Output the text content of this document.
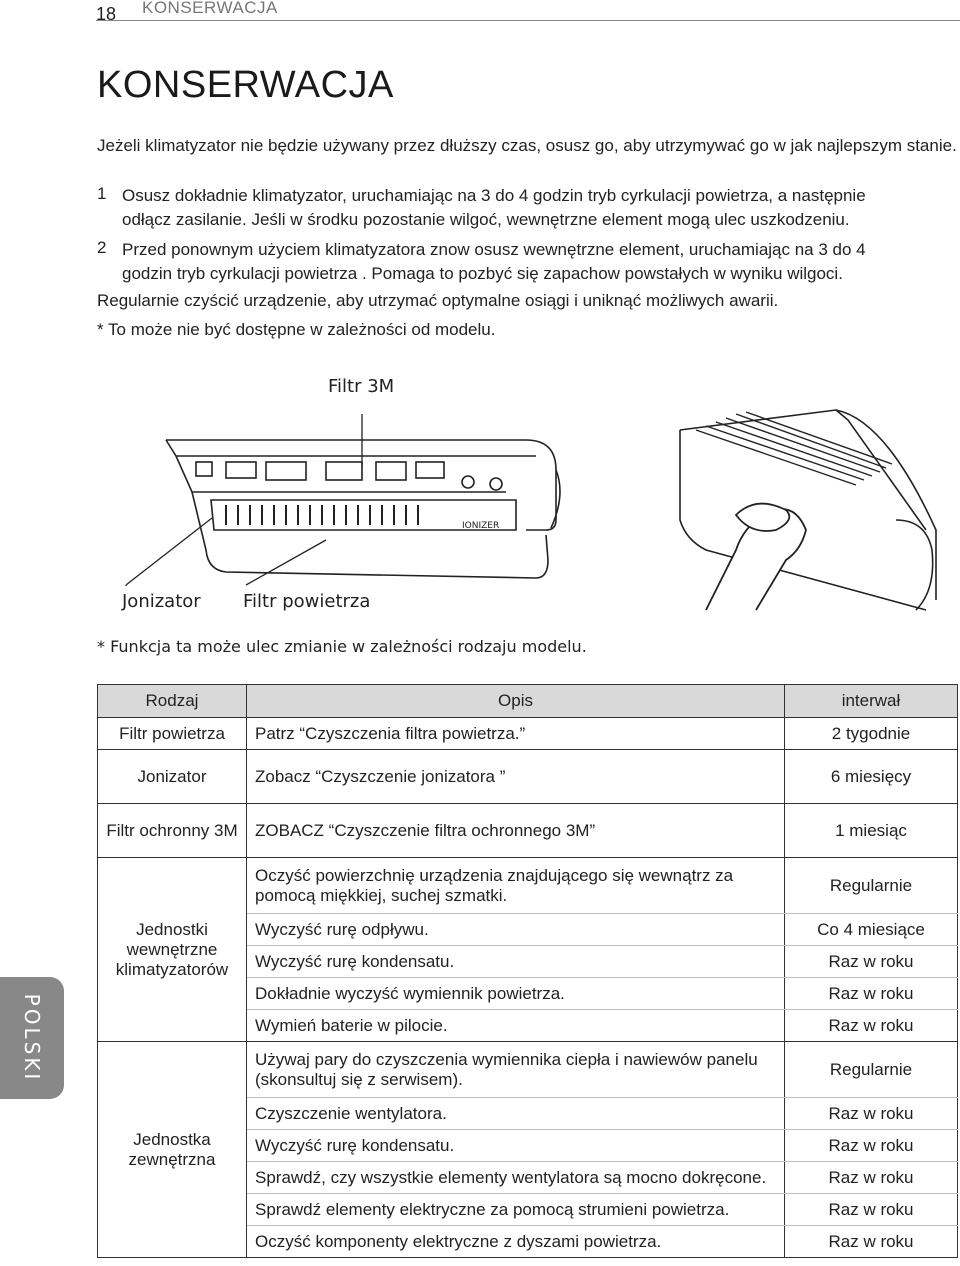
18	KONSERWACJA
KONSERWACJA

Jeżeli klimatyzator nie będzie używany przez dłuższy czas, osusz go, aby utrzymywać go w jak najlepszym stanie.

1 Osusz dokładnie klimatyzator, uruchamiając na 3 do 4 godzin tryb cyrkulacji powietrza, a następnie

odłącz zasilanie. Jeśli w środku pozostanie wilgoć, wewnętrzne element mogą ulec uszkodzeniu.

2 Przed ponownym użyciem klimatyzatora znow osusz wewnętrzne element, uruchamiając na 3 do 4

godzin tryb cyrkulacji powietrza . Pomaga to pozbyć się zapachow powstałych w wyniku wilgoci.

Regularnie czyścić urządzenie, aby utrzymać optymalne osiągi i uniknąć możliwych awarii.

* To może nie być dostępne w zależności od modelu.

Filtr 3M
Jonizator Filtr powietrza
IONIZER
* Funkcja ta może ulec zmianie w zależności rodzaju modelu.
Rodzaj	Opis	interwał
Filtr powietrza	Patrz “Czyszczenia filtra powietrza.”	2 tygodnie
Jonizator	Zobacz “Czyszczenie jonizatora ”	6 miesięcy
Filtr ochronny 3M	ZOBACZ “Czyszczenie filtra ochronnego 3M”	1 miesiąc
Jednostki wewnętrzne klimatyzatorów	Oczyść powierzchnię urządzenia znajdującego się wewnątrz za pomocą miękkiej, suchej szmatki.	Regularnie
	Wyczyść rurę odpływu.	Co 4 miesiące
	Wyczyść rurę kondensatu.	Raz w roku
	Dokładnie wyczyść wymiennik powietrza.	Raz w roku
	Wymień baterie w pilocie.	Raz w roku
Jednostka zewnętrzna	Używaj pary do czyszczenia wymiennika ciepła i nawiewów panelu (skonsultuj się z serwisem).	Regularnie
	Czyszczenie wentylatora.	Raz w roku
	Wyczyść rurę kondensatu.	Raz w roku
	Sprawdź, czy wszystkie elementy wentylatora są mocno dokręcone.	Raz w roku
	Sprawdź elementy elektryczne za pomocą strumieni powietrza.	Raz w roku
	Oczyść komponenty elektryczne z dyszami powietrza.	Raz w roku
POLSKI
